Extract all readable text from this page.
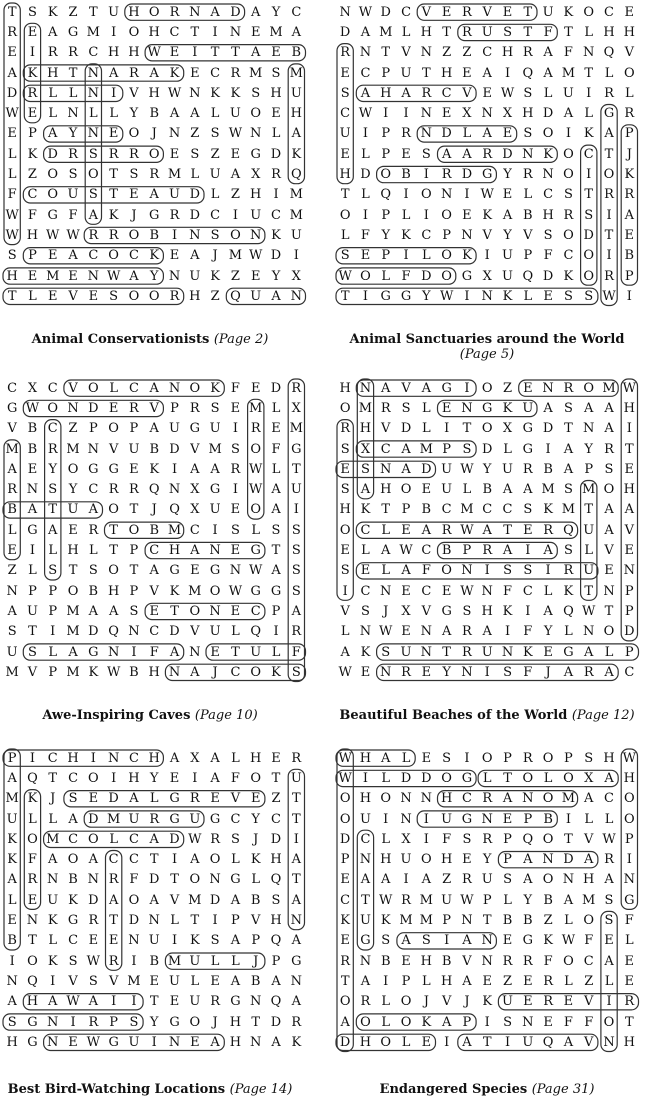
T S K Z T U H O R N A D A Y C
R E A G M I O H C T	I N E M A
E I R R C H H W E I	T T A E B
A K H T N A R A K E C R M S M
D R L L N I	V H W N K K S H U
W E L N L L Y B A A L U O E H
E P A Y N E O J N Z S W N L A
L K D R S R R O E S Z E G D K
L Z O S O T S R M L U A X R Q
F C O U S T E A U D L Z H I M
W F G F A K J G R D C I U C M
W H W W R R O B I N S O N K U
S P E A C O C K E A J M W D I
H E M E N W A Y N U K Z E Y X
T L E V E S O O R H Z Q U A N
Animal Conservationists (Page 2)
N W D C V E R V E T U K O C E
D A M L H T R U S T F T L H H
R N T V N Z Z C H R A F N Q V
E C P U T H E A	I Q A M T L O
S A H A R C V E W S L U I R L
C W I	I N E X N X H D A L G R
U I	P R N D L A E S O I K A P
E L P E S A A R D N K O C T	J
H D O B I R D G Y R N O I O K
T L Q I O N I W E L C S T R R
O I	P L	I O E K A B H R S	I	A
L F Y K C P N V Y V S O D T E
S E P	I	L O K I U P F C O I B
W O L F D O G X U Q D K O R P
T	I G G Y W I N K L E S S W I
Animal Sanctuaries around the World (Page 5)
C X C V O L C A N O K F E D R
G W O N D E R V P R S E M L X
V B C Z P O P A U G U I R E M
M B R M N V U B D V M S O F G
A E Y O G G E K I	A A R W L T
R N S Y C R R Q N X G I W A U
B A T U A O T	J Q X U E O A	I
L G A E R T O B M C I	S L S S
E I	L H L T P C H A N E G T S
Z L S T S O T A G E G N W A S
N P P O B H P V K M O W G G S
A U P M A A S E T O N E C P A
S T	I M D Q N C D V U L Q I R
U S L A G N I	F A N E T U L F
M V P M K W B H N A J C O K S
Awe-Inspiring Caves (Page 10)
H N A V A G I O Z E N R O M W
O M R S L E N G K U A S A A H
R H V D L	I	T O X G D T N A	I
S X C A M P S D L G I	A Y R T
E S N A D U W Y U R B A P S E
S A H O E U L B A A M S M O H
H K T P B C M C C S K M T A A
O C L E A R W A T E R Q U A V
E L A W C B P R A	I	A S L V E
S E L A F O N I	S S	I R U E N
I C N E C E W N F C L K T N P
V S	J	X V G S H K I	A Q W T P
L N W E N A R A	I	F Y L N O D
A K S U N T R U N K E G A L P
W E N R E Y N I	S F	J	A R A C
Beautiful Beaches of the World (Page 12)
P	I C H I N C H A X A L H E R
A Q T C O I H Y E I	A F O T U
M K J	S E D A L G R E V E Z T
U L L A D M U R G U G C Y C T
K O M C O L C A D W R S	J D I
K F A O A C C T	I	A O L K H A
A R N B N R F D T O N G L Q T
L E U K D A O A V M D A B S A
E N K G R T D N L T	I	P V H N
B T L C E E N U I K S A P Q A
I O K S W R I B M U L L	J	P G
N Q I	V S V M E U L E A B A N
A H A W A	I	I	T E U R G N Q A
S G N I R P S Y G O J H T D R
H G N E W G U I N E A H N A K
Best Bird-Watching Locations (Page 14)
W H A L E S	I O P R O P S H W
W I	L D D O G L T O L O X A H
O H O N N H C R A N O M A C O
O U I N I U G N E P B I	L L O
D C L X	I	F S R P Q O T V W P
P N H U O H E Y P A N D A R I
E A A	I	A Z R U S A O N H A N
C T W R M U W P L Y B A M S G
K U K M M P N T B B Z L O S F
E G S A S	I	A N E G K W F E L
R N B E H B V N R R F O C A E
T A	I	P L H A E Z E R L Z L E
O R L O J	V J K U E R E V	I R
A O L O K A P	I	S N E F F O T
D H O L E I	A T	I U Q A V N H
Endangered Species (Page 31)
